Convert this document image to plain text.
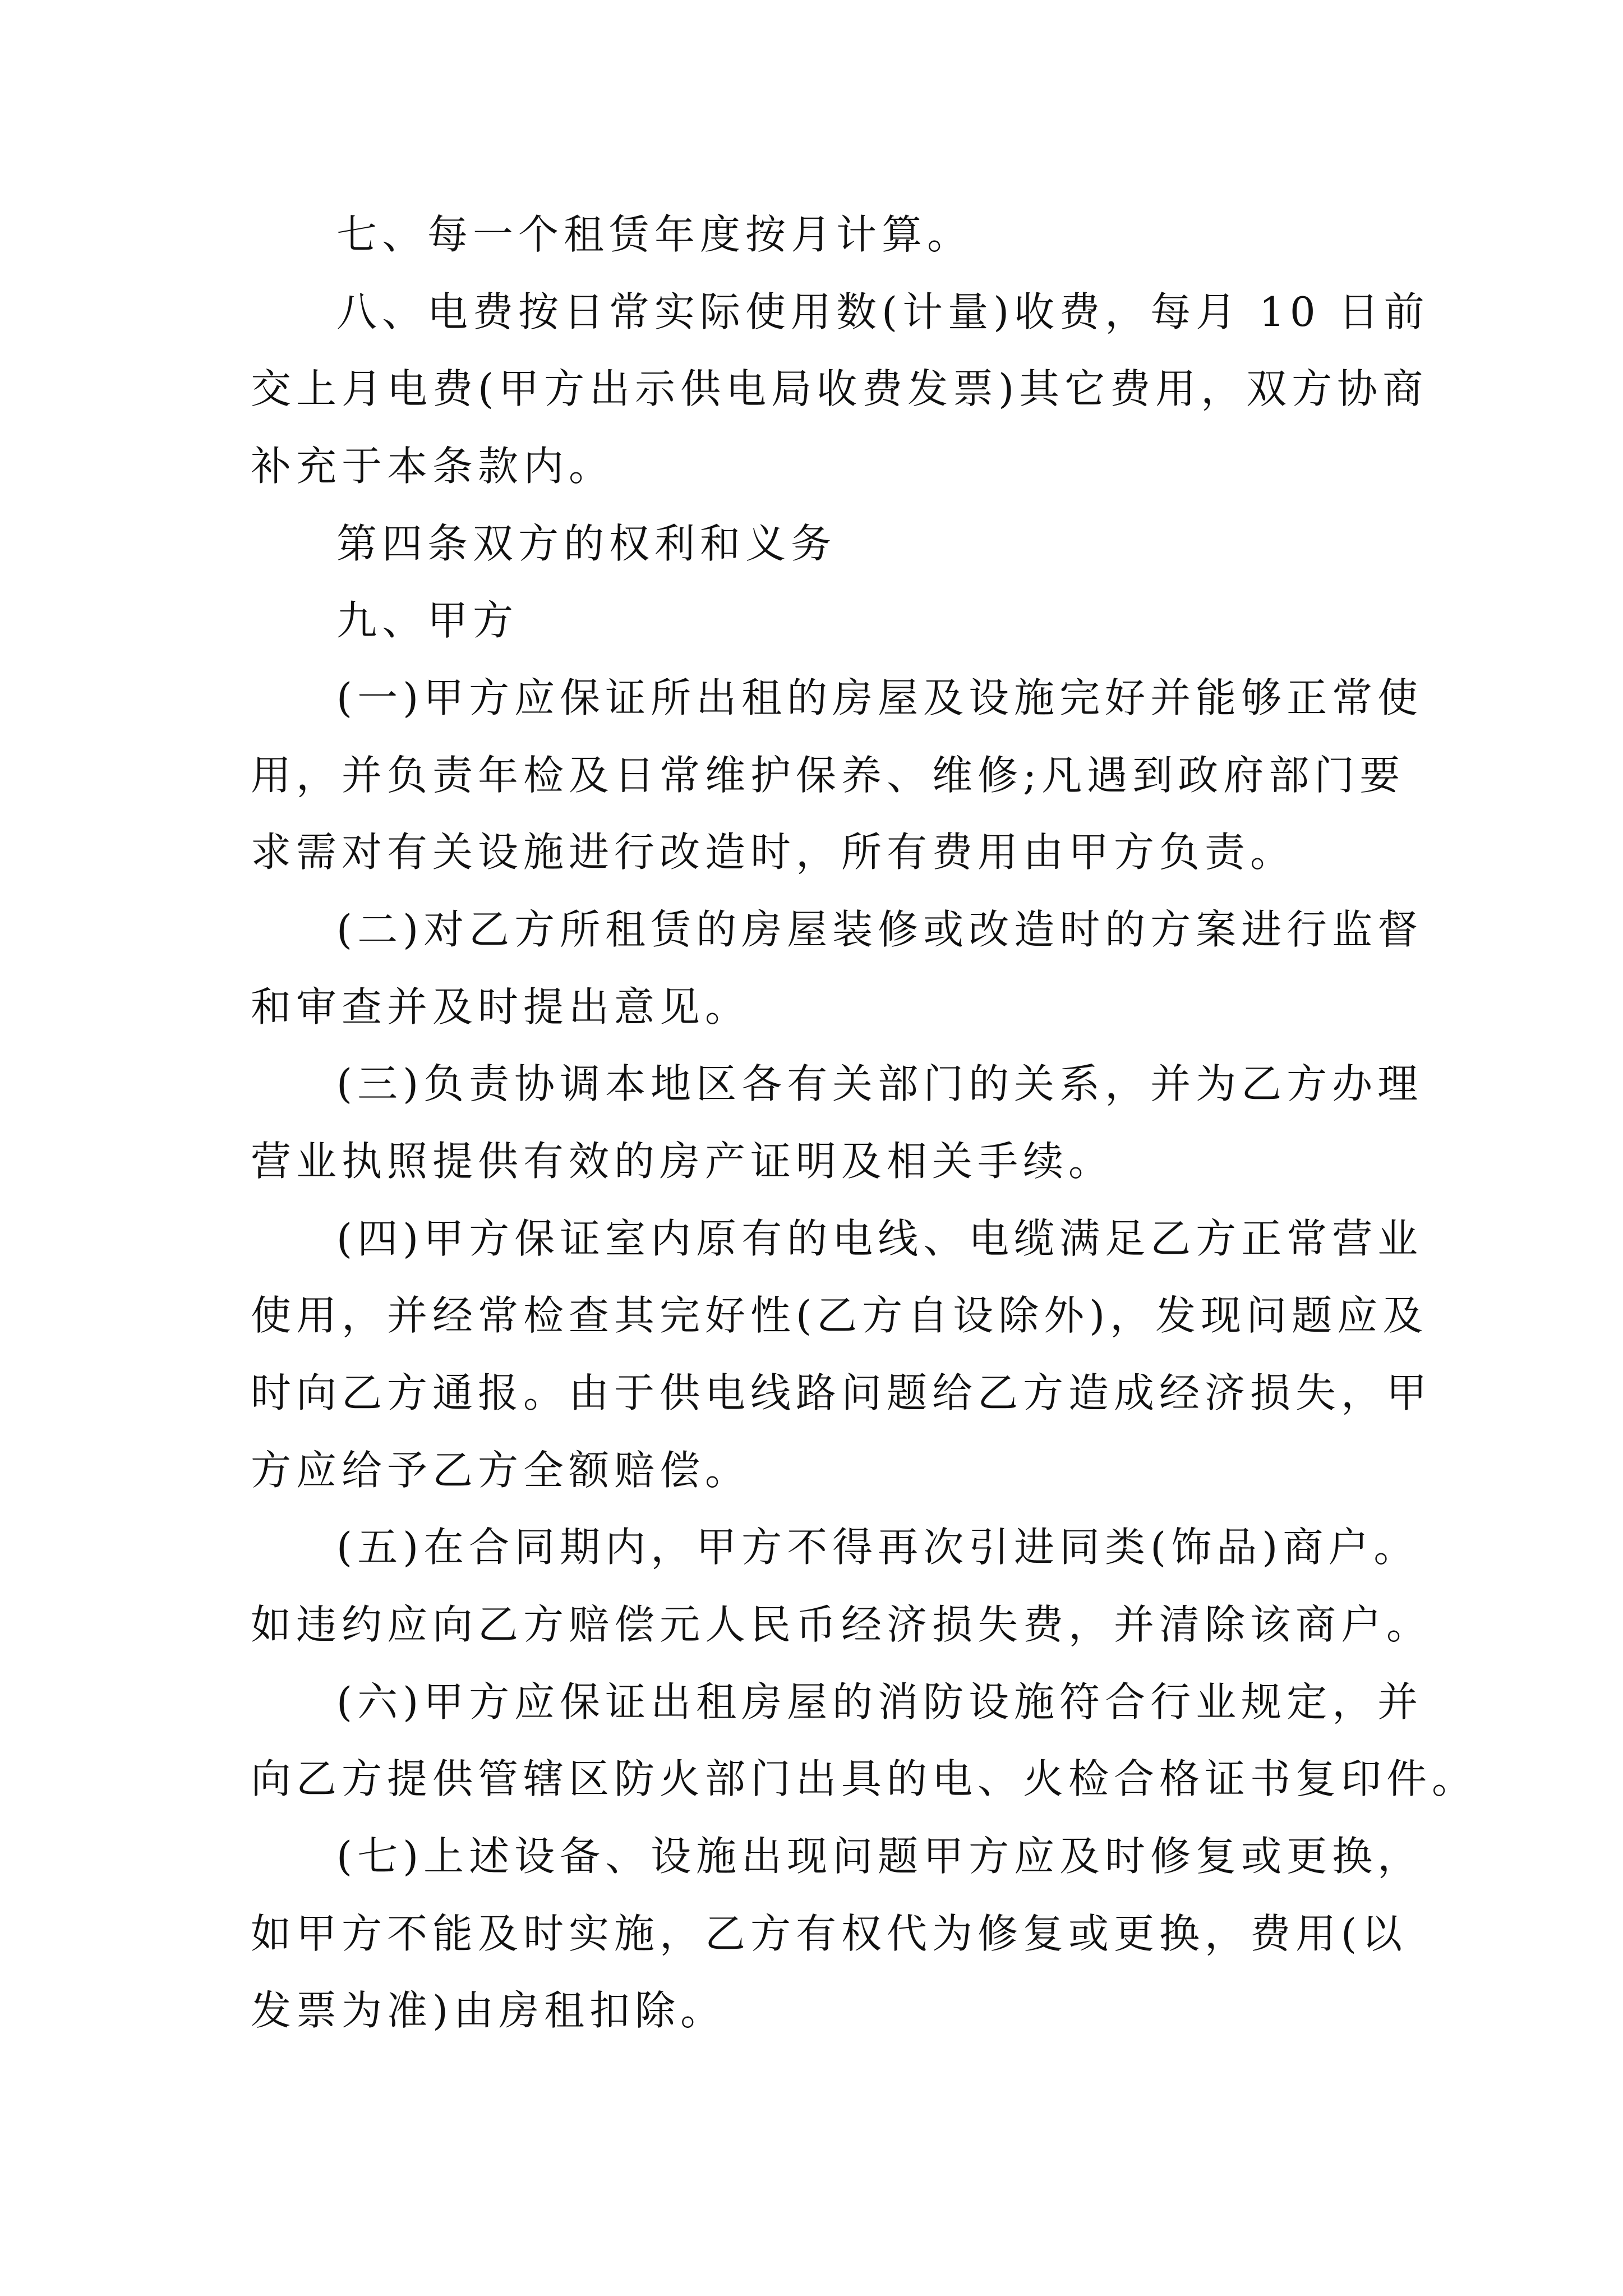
七、每一个租赁年度按月计算。
八、电费按日常实际使用数(计量)收费，每月 10 日前
交上月电费(甲方出示供电局收费发票)其它费用，双方协商
补充于本条款内。
第四条双方的权利和义务
九、甲方
(一)甲方应保证所出租的房屋及设施完好并能够正常使
用，并负责年检及日常维护保养、维修;凡遇到政府部门要
求需对有关设施进行改造时，所有费用由甲方负责。
(二)对乙方所租赁的房屋装修或改造时的方案进行监督
和审查并及时提出意见。
(三)负责协调本地区各有关部门的关系，并为乙方办理
营业执照提供有效的房产证明及相关手续。
(四)甲方保证室内原有的电线、电缆满足乙方正常营业
使用，并经常检查其完好性(乙方自设除外)，发现问题应及
时向乙方通报。由于供电线路问题给乙方造成经济损失，甲
方应给予乙方全额赔偿。
(五)在合同期内，甲方不得再次引进同类(饰品)商户。
如违约应向乙方赔偿元人民币经济损失费，并清除该商户。
(六)甲方应保证出租房屋的消防设施符合行业规定，并
向乙方提供管辖区防火部门出具的电、火检合格证书复印件。
(七)上述设备、设施出现问题甲方应及时修复或更换，
如甲方不能及时实施，乙方有权代为修复或更换，费用(以
发票为准)由房租扣除。
